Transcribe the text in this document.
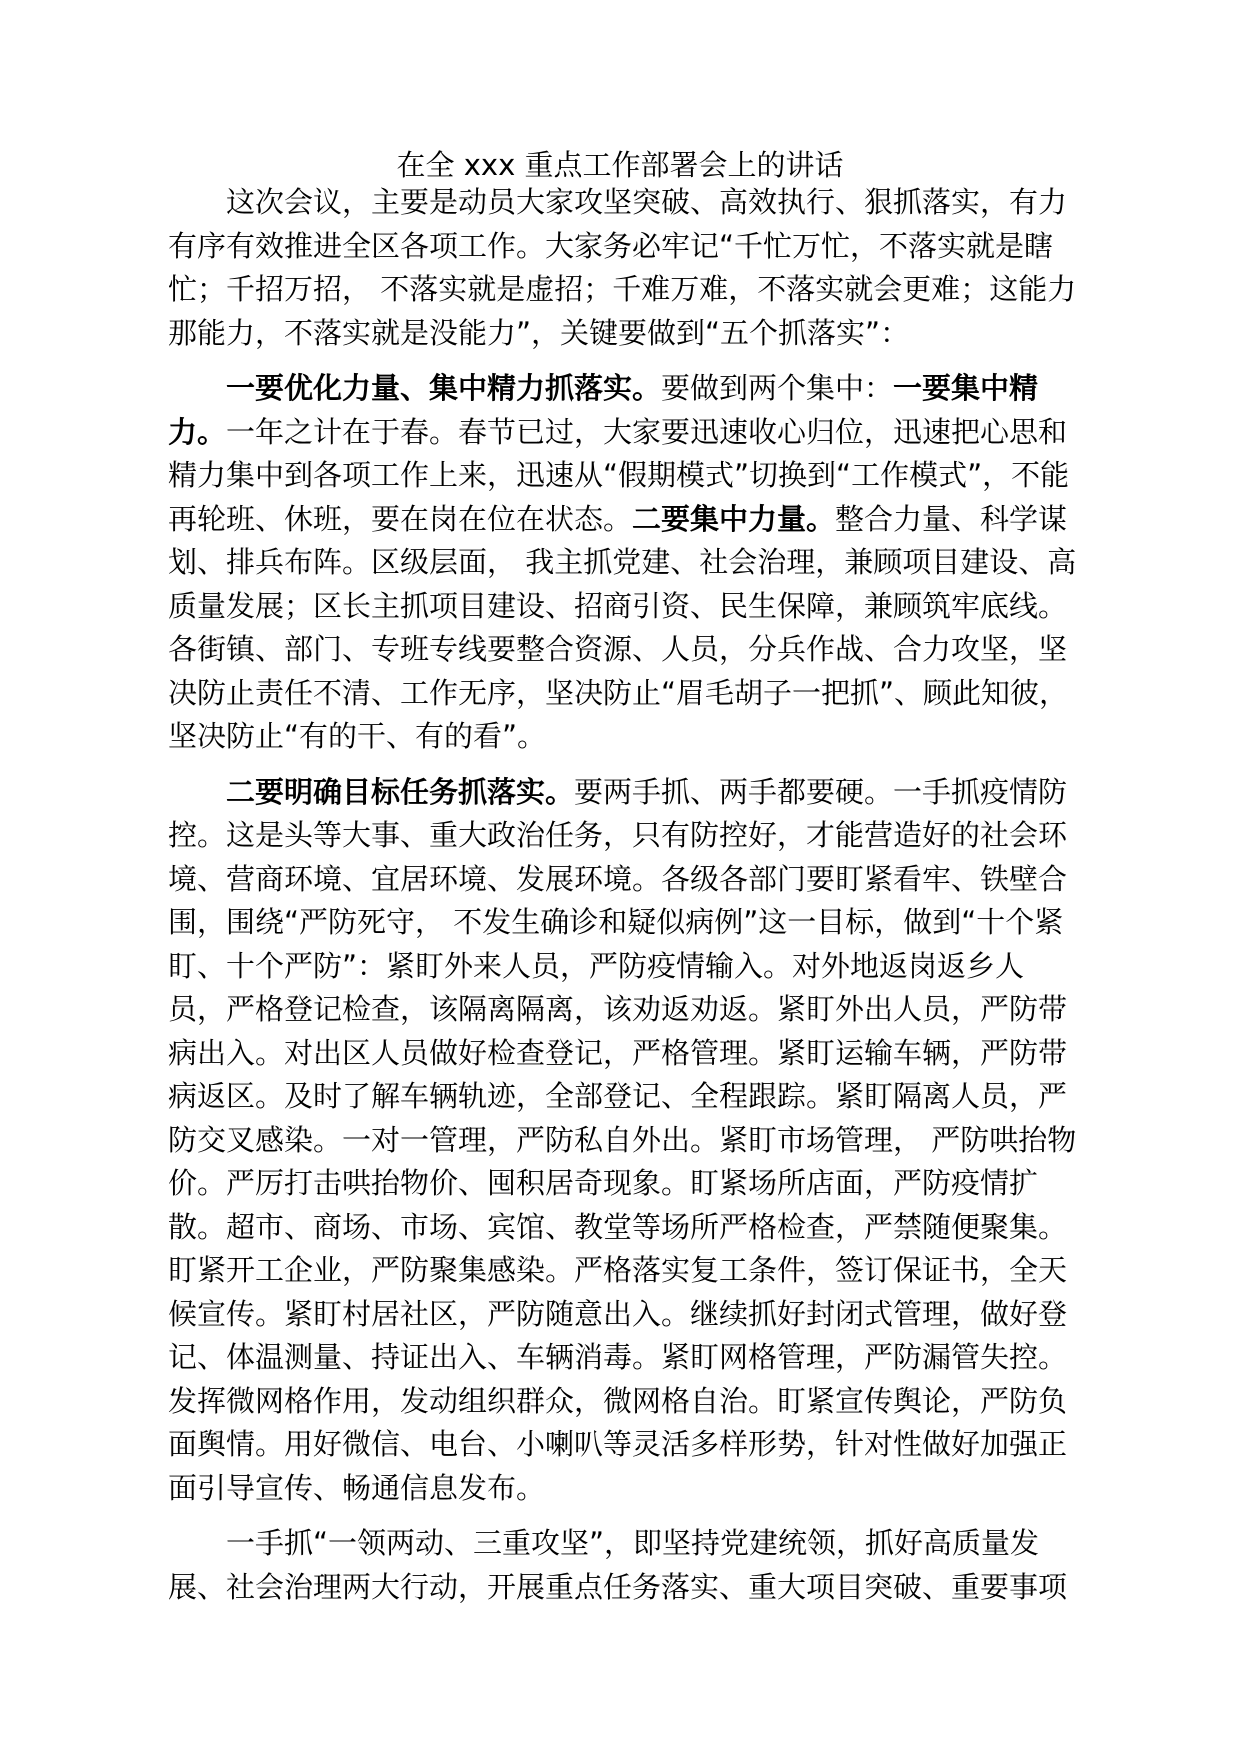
在全 xxx 重点工作部署会上的讲话
这次会议，主要是动员大家攻坚突破、高效执行、狠抓落实，有力
有序有效推进全区各项工作。大家务必牢记“千忙万忙，不落实就是瞎
忙；千招万招， 不落实就是虚招；千难万难，不落实就会更难；这能力
那能力，不落实就是没能力”，关键要做到“五个抓落实”：
一要优化力量、集中精力抓落实。要做到两个集中：一要集中精
力。一年之计在于春。春节已过，大家要迅速收心归位，迅速把心思和
精力集中到各项工作上来，迅速从“假期模式”切换到“工作模式”，不能
再轮班、休班，要在岗在位在状态。二要集中力量。整合力量、科学谋
划、排兵布阵。区级层面， 我主抓党建、社会治理，兼顾项目建设、高
质量发展；区长主抓项目建设、招商引资、民生保障，兼顾筑牢底线。
各街镇、部门、专班专线要整合资源、人员，分兵作战、合力攻坚，坚
决防止责任不清、工作无序，坚决防止“眉毛胡子一把抓”、顾此知彼，
坚决防止“有的干、有的看”。
二要明确目标任务抓落实。要两手抓、两手都要硬。一手抓疫情防
控。这是头等大事、重大政治任务，只有防控好，才能营造好的社会环
境、营商环境、宜居环境、发展环境。各级各部门要盯紧看牢、铁壁合
围，围绕“严防死守， 不发生确诊和疑似病例”这一目标，做到“十个紧
盯、十个严防”：紧盯外来人员，严防疫情输入。对外地返岗返乡人
员，严格登记检查，该隔离隔离，该劝返劝返。紧盯外出人员，严防带
病出入。对出区人员做好检查登记，严格管理。紧盯运输车辆，严防带
病返区。及时了解车辆轨迹，全部登记、全程跟踪。紧盯隔离人员，严
防交叉感染。一对一管理，严防私自外出。紧盯市场管理， 严防哄抬物
价。严厉打击哄抬物价、囤积居奇现象。盯紧场所店面，严防疫情扩
散。超市、商场、市场、宾馆、教堂等场所严格检查，严禁随便聚集。
盯紧开工企业，严防聚集感染。严格落实复工条件，签订保证书，全天
候宣传。紧盯村居社区，严防随意出入。继续抓好封闭式管理，做好登
记、体温测量、持证出入、车辆消毒。紧盯网格管理，严防漏管失控。
发挥微网格作用，发动组织群众，微网格自治。盯紧宣传舆论，严防负
面舆情。用好微信、电台、小喇叭等灵活多样形势，针对性做好加强正
面引导宣传、畅通信息发布。
一手抓“一领两动、三重攻坚”，即坚持党建统领，抓好高质量发
展、社会治理两大行动，开展重点任务落实、重大项目突破、重要事项
